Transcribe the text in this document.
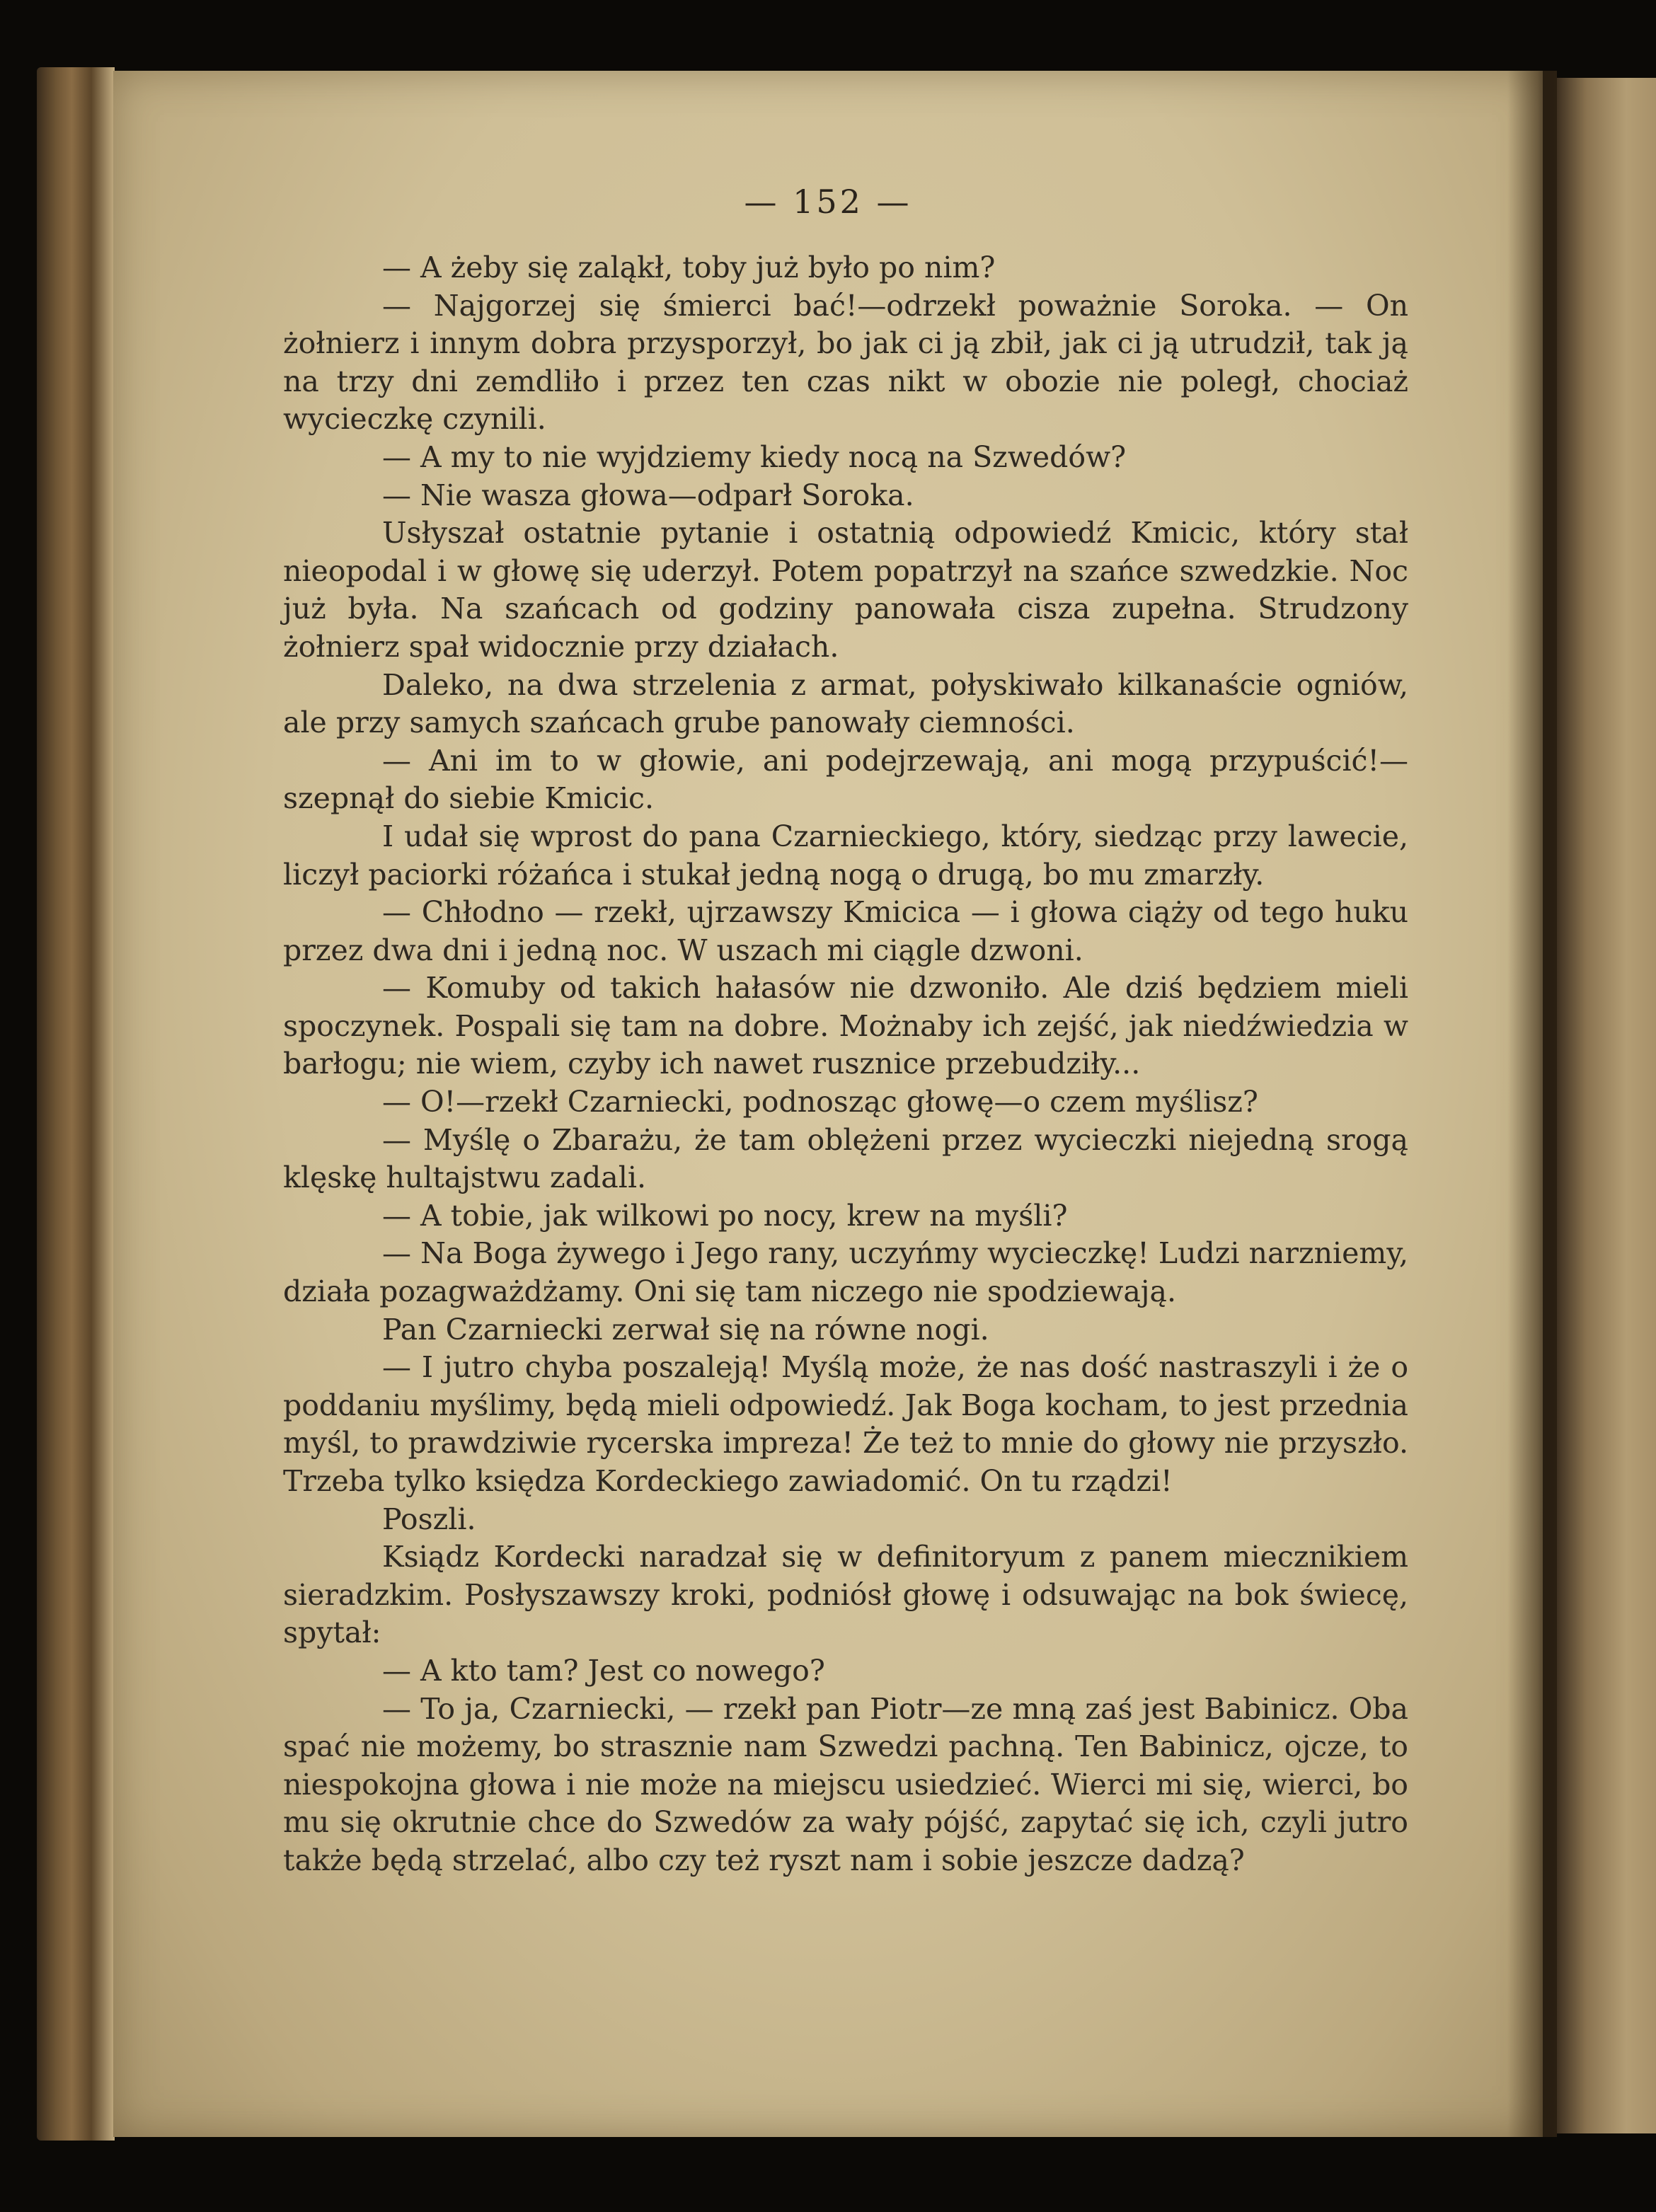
— 152 —

— A żeby się zaląkł, toby już było po nim?

— Najgorzej się śmierci bać!—odrzekł poważnie Soroka. — On żołnierz i innym dobra przysporzył, bo jak ci ją zbił, jak ci ją utrudził, tak ją na trzy dni zemdliło i przez ten czas nikt w obozie nie poległ, chociaż wycieczkę czynili.

— A my to nie wyjdziemy kiedy nocą na Szwedów?

— Nie wasza głowa—odparł Soroka.

Usłyszał ostatnie pytanie i ostatnią odpowiedź Kmicic, który stał nieopodal i w głowę się uderzył. Potem popatrzył na szańce szwedzkie. Noc już była. Na szańcach od godziny panowała cisza zupełna. Strudzony żołnierz spał widocznie przy działach.

Daleko, na dwa strzelenia z armat, połyskiwało kilkanaście ogniów, ale przy samych szańcach grube panowały ciemności.

— Ani im to w głowie, ani podejrzewają, ani mogą przypuścić!— szepnął do siebie Kmicic.

I udał się wprost do pana Czarnieckiego, który, siedząc przy lawecie, liczył paciorki różańca i stukał jedną nogą o drugą, bo mu zmarzły.

— Chłodno — rzekł, ujrzawszy Kmicica — i głowa ciąży od tego huku przez dwa dni i jedną noc. W uszach mi ciągle dzwoni.

— Komuby od takich hałasów nie dzwoniło. Ale dziś będziem mieli spoczynek. Pospali się tam na dobre. Możnaby ich zejść, jak niedźwiedzia w barłogu; nie wiem, czyby ich nawet rusznice przebudziły...

— O!—rzekł Czarniecki, podnosząc głowę—o czem myślisz?

— Myślę o Zbarażu, że tam oblężeni przez wycieczki niejedną srogą klęskę hultajstwu zadali.

— A tobie, jak wilkowi po nocy, krew na myśli?

— Na Boga żywego i Jego rany, uczyńmy wycieczkę! Ludzi narzniemy, działa pozagważdżamy. Oni się tam niczego nie spodziewają.

Pan Czarniecki zerwał się na równe nogi.

— I jutro chyba poszaleją! Myślą może, że nas dość nastraszyli i że o poddaniu myślimy, będą mieli odpowiedź. Jak Boga kocham, to jest przednia myśl, to prawdziwie rycerska impreza! Że też to mnie do głowy nie przyszło. Trzeba tylko księdza Kordeckiego zawiadomić. On tu rządzi!

Poszli.

Ksiądz Kordecki naradzał się w definitoryum z panem miecznikiem sieradzkim. Posłyszawszy kroki, podniósł głowę i odsuwając na bok świecę, spytał:

— A kto tam? Jest co nowego?

— To ja, Czarniecki, — rzekł pan Piotr—ze mną zaś jest Babinicz. Oba spać nie możemy, bo strasznie nam Szwedzi pachną. Ten Babinicz, ojcze, to niespokojna głowa i nie może na miejscu usiedzieć. Wierci mi się, wierci, bo mu się okrutnie chce do Szwedów za wały pójść, zapytać się ich, czyli jutro także będą strzelać, albo czy też ryszt nam i sobie jeszcze dadzą?
